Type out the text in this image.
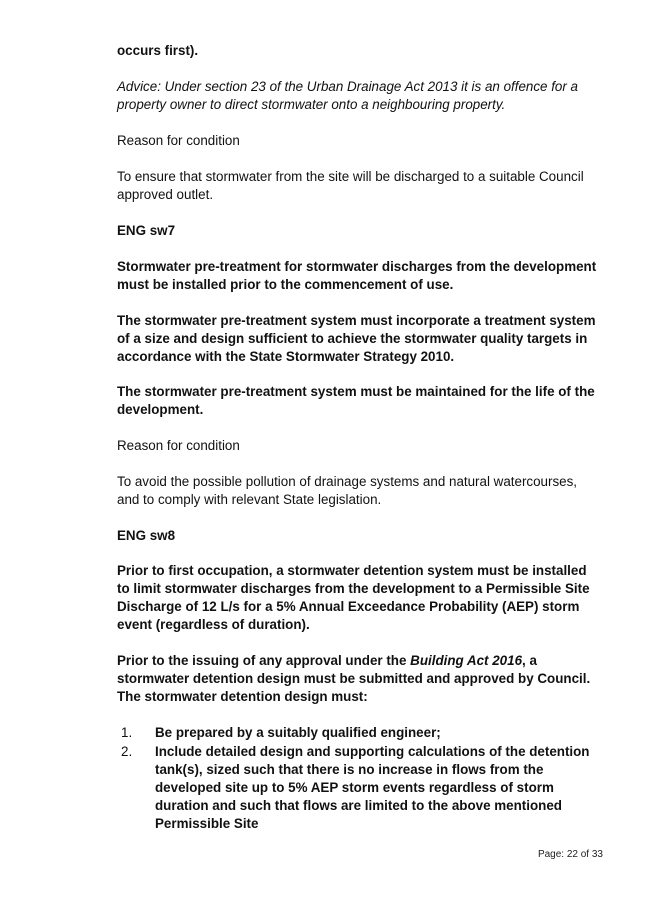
occurs first).

Advice: Under section 23 of the Urban Drainage Act 2013 it is an offence for a property owner to direct stormwater onto a neighbouring property.

Reason for condition

To ensure that stormwater from the site will be discharged to a suitable Council approved outlet.

ENG sw7

Stormwater pre-treatment for stormwater discharges from the development must be installed prior to the commencement of use.

The stormwater pre-treatment system must incorporate a treatment system of a size and design sufficient to achieve the stormwater quality targets in accordance with the State Stormwater Strategy 2010.

The stormwater pre-treatment system must be maintained for the life of the development.

Reason for condition

To avoid the possible pollution of drainage systems and natural watercourses, and to comply with relevant State legislation.

ENG sw8

Prior to first occupation, a stormwater detention system must be installed to limit stormwater discharges from the development to a Permissible Site Discharge of 12 L/s for a 5% Annual Exceedance Probability (AEP) storm event (regardless of duration).

Prior to the issuing of any approval under the Building Act 2016, a stormwater detention design must be submitted and approved by Council. The stormwater detention design must:

1.	Be prepared by a suitably qualified engineer;
2.	Include detailed design and supporting calculations of the detention tank(s), sized such that there is no increase in flows from the developed site up to 5% AEP storm events regardless of storm duration and such that flows are limited to the above mentioned Permissible Site
Page: 22 of 33
